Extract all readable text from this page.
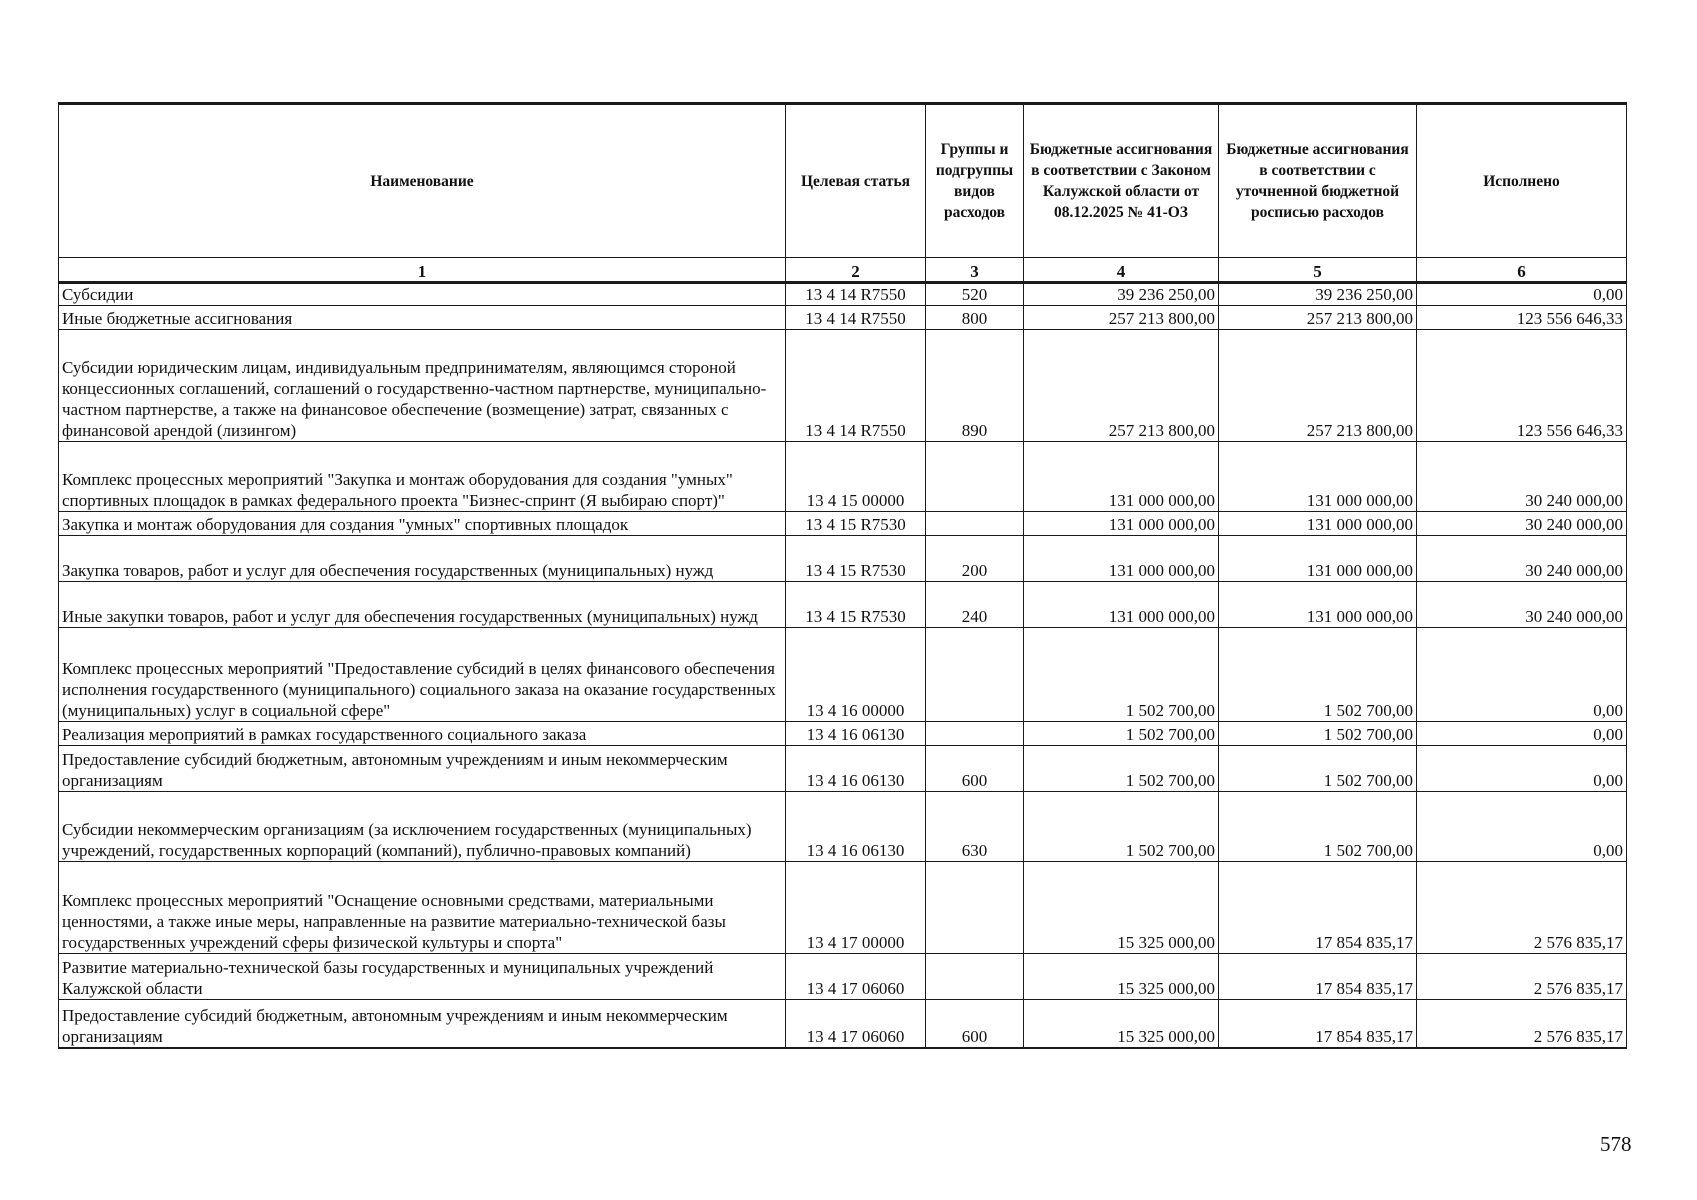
Наименование	Целевая статья	Группы и подгруппы видов расходов	Бюджетные ассигнования в соответствии с Законом Калужской области от 08.12.2025 № 41-ОЗ	Бюджетные ассигнования в соответствии с уточненной бюджетной росписью расходов	Исполнено
1	2	3	4	5	6
Субсидии	13 4 14 R7550	520	39 236 250,00	39 236 250,00	0,00
Иные бюджетные ассигнования	13 4 14 R7550	800	257 213 800,00	257 213 800,00	123 556 646,33
Субсидии юридическим лицам, индивидуальным предпринимателям, являющимся стороной концессионных соглашений, соглашений о государственно-частном партнерстве, муниципально-частном партнерстве, а также на финансовое обеспечение (возмещение) затрат, связанных с финансовой арендой (лизингом)	13 4 14 R7550	890	257 213 800,00	257 213 800,00	123 556 646,33
Комплекс процессных мероприятий "Закупка и монтаж оборудования для создания "умных" спортивных площадок в рамках федерального проекта "Бизнес-спринт (Я выбираю спорт)"	13 4 15 00000		131 000 000,00	131 000 000,00	30 240 000,00
Закупка и монтаж оборудования для создания "умных" спортивных площадок	13 4 15 R7530		131 000 000,00	131 000 000,00	30 240 000,00
Закупка товаров, работ и услуг для обеспечения государственных (муниципальных) нужд	13 4 15 R7530	200	131 000 000,00	131 000 000,00	30 240 000,00
Иные закупки товаров, работ и услуг для обеспечения государственных (муниципальных) нужд	13 4 15 R7530	240	131 000 000,00	131 000 000,00	30 240 000,00
Комплекс процессных мероприятий "Предоставление субсидий в целях финансового обеспечения исполнения государственного (муниципального) социального заказа на оказание государственных (муниципальных) услуг в социальной сфере"	13 4 16 00000		1 502 700,00	1 502 700,00	0,00
Реализация мероприятий в рамках государственного социального заказа	13 4 16 06130		1 502 700,00	1 502 700,00	0,00
Предоставление субсидий бюджетным, автономным учреждениям и иным некоммерческим организациям	13 4 16 06130	600	1 502 700,00	1 502 700,00	0,00
Субсидии некоммерческим организациям (за исключением государственных (муниципальных) учреждений, государственных корпораций (компаний), публично-правовых компаний)	13 4 16 06130	630	1 502 700,00	1 502 700,00	0,00
Комплекс процессных мероприятий "Оснащение основными средствами, материальными ценностями, а также иные меры, направленные на развитие материально-технической базы государственных учреждений сферы физической культуры и спорта"	13 4 17 00000		15 325 000,00	17 854 835,17	2 576 835,17
Развитие материально-технической базы государственных и муниципальных учреждений Калужской области	13 4 17 06060		15 325 000,00	17 854 835,17	2 576 835,17
Предоставление субсидий бюджетным, автономным учреждениям и иным некоммерческим организациям	13 4 17 06060	600	15 325 000,00	17 854 835,17	2 576 835,17
578
